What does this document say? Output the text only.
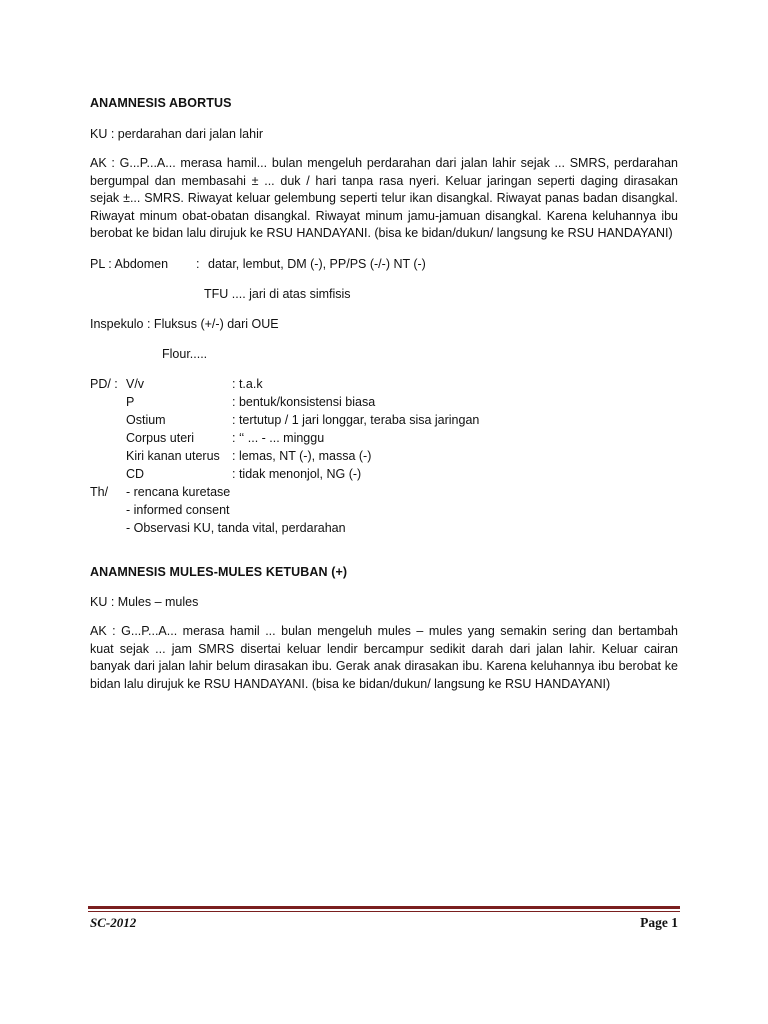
ANAMNESIS ABORTUS
KU : perdarahan dari jalan lahir
AK : G...P...A... merasa hamil... bulan mengeluh perdarahan dari jalan lahir sejak ... SMRS, perdarahan
bergumpal dan membasahi ± ... duk / hari tanpa rasa nyeri. Keluar jaringan seperti daging dirasakan
sejak ±... SMRS. Riwayat keluar gelembung seperti telur ikan disangkal. Riwayat panas badan disangkal.
Riwayat minum obat-obatan disangkal. Riwayat minum jamu-jamuan disangkal. Karena keluhannya ibu
berobat ke bidan lalu dirujuk ke RSU HANDAYANI. (bisa ke bidan/dukun/ langsung ke RSU HANDAYANI)
PL : Abdomen : datar, lembut, DM (-), PP/PS (-/-) NT (-)
TFU .... jari di atas simfisis
Inspekulo : Fluksus (+/-) dari OUE
Flour.....
PD/ : V/v	: t.a.k
P	: bentuk/konsistensi biasa
Ostium	: tertutup / 1 jari longgar, teraba sisa jaringan
Corpus uteri	: ‘‘ ... - ... minggu
Kiri kanan uterus : lemas, NT (-), massa (-)
CD	: tidak menonjol, NG (-)
Th/ - rencana kuretase
- informed consent
- Observasi KU, tanda vital, perdarahan
ANAMNESIS MULES-MULES KETUBAN (+)
KU : Mules – mules
AK : G...P...A... merasa hamil ... bulan mengeluh mules – mules yang semakin sering dan bertambah
kuat sejak ... jam SMRS disertai keluar lendir bercampur sedikit darah dari jalan lahir. Keluar cairan
banyak dari jalan lahir belum dirasakan ibu. Gerak anak dirasakan ibu. Karena keluhannya ibu berobat ke
bidan lalu dirujuk ke RSU HANDAYANI. (bisa ke bidan/dukun/ langsung ke RSU HANDAYANI)
SC-2012	Page 1
